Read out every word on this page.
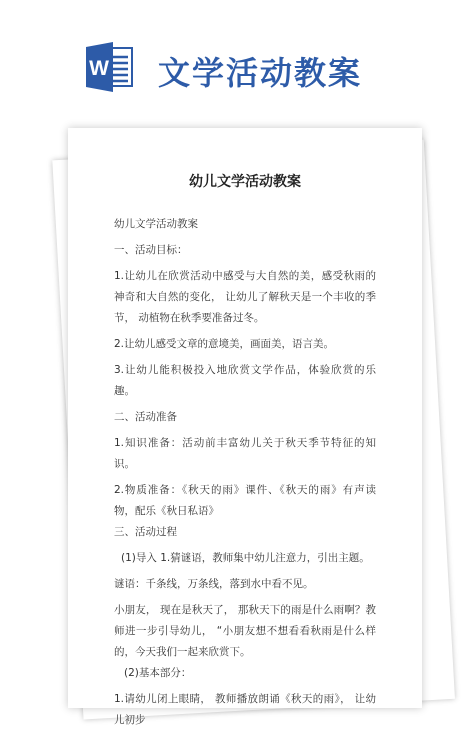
W 文学活动教案
幼儿文学活动教案

幼儿文学活动教案

一、活动目标：

1.让幼儿在欣赏活动中感受与大自然的美，感受秋雨的神奇和大自然的变化， 让幼儿了解秋天是一个丰收的季节， 动植物在秋季要准备过冬。

2.让幼儿感受文章的意境美，画面美，语言美。

3.让幼儿能积极投入地欣赏文学作品，体验欣赏的乐趣。

二、活动准备

1.知识准备：活动前丰富幼儿关于秋天季节特征的知识。

2.物质准备：《秋天的雨》课件、《秋天的雨》有声读物，配乐《秋日私语》

三、活动过程

(1)导入 1.猜谜语，教师集中幼儿注意力，引出主题。

谜语：千条线，万条线，落到水中看不见。

小朋友， 现在是秋天了， 那秋天下的雨是什么雨啊？教师进一步引导幼儿， “小朋友想不想看看秋雨是什么样的，今天我们一起来欣赏下。

(2)基本部分：

1.请幼儿闭上眼睛， 教师播放朗诵《秋天的雨》， 让幼儿初步
